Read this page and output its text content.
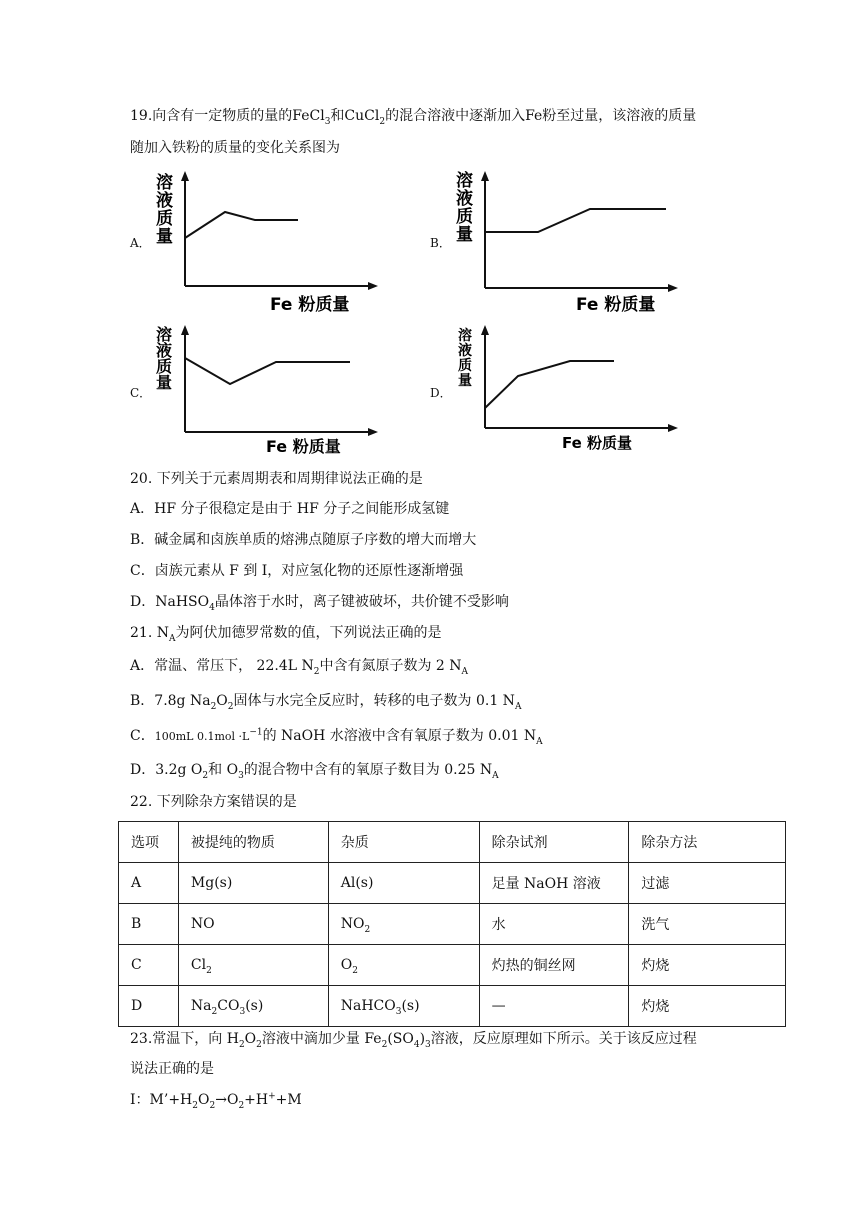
19.向含有一定物质的量的FeCl$_3$和CuCl$_2$的混合溶液中逐渐加入Fe粉至过量，该溶液的质量
随加入铁粉的质量的变化关系图为
A．	B．
C．	D．
溶
液
质
量
Fe 粉质量
溶
液
质
量
Fe 粉质量
溶
液
质
量
Fe 粉质量
溶
液
质
量
Fe 粉质量
20. 下列关于元素周期表和周期律说法正确的是
A．HF 分子很稳定是由于 HF 分子之间能形成氢键
B．碱金属和卤族单质的熔沸点随原子序数的增大而增大
C．卤族元素从 F 到 I，对应氢化物的还原性逐渐增强
D．NaHSO$_4$晶体溶于水时，离子键被破坏，共价键不受影响
21. $N_A$为阿伏加德罗常数的值，下列说法正确的是
A．常温、常压下， 22.4L $N_2$中含有氮原子数为 2 $N_A$
B．7.8g $Na_2O_2$固体与水完全反应时，转移的电子数为 0.1 $N_A$
C．100mL $0.1mol \cdot L^{-1}$的 NaOH 水溶液中含有氧原子数为 0.01 $N_A$
D．3.2g $O_2$和 $O_3$的混合物中含有的氧原子数目为 0.25 $N_A$
22. 下列除杂方案错误的是
选项	被提纯的物质	杂质	除杂试剂	除杂方法
A	Mg(s)	Al(s)	足量 NaOH 溶液	过滤
B	NO	$NO_2$	水	洗气
C	$Cl_2$	$O_2$	灼热的铜丝网	灼烧
D	$Na_2CO_3(s)$	NaHCO$_3$(s)	—	灼烧
23.常温下，向 $H_2O_2$溶液中滴加少量 $Fe_2(SO_4)_3$溶液，反应原理如下所示。关于该反应过程
说法正确的是
I：$M’+H_2O_2\to O_2+H^++M$
